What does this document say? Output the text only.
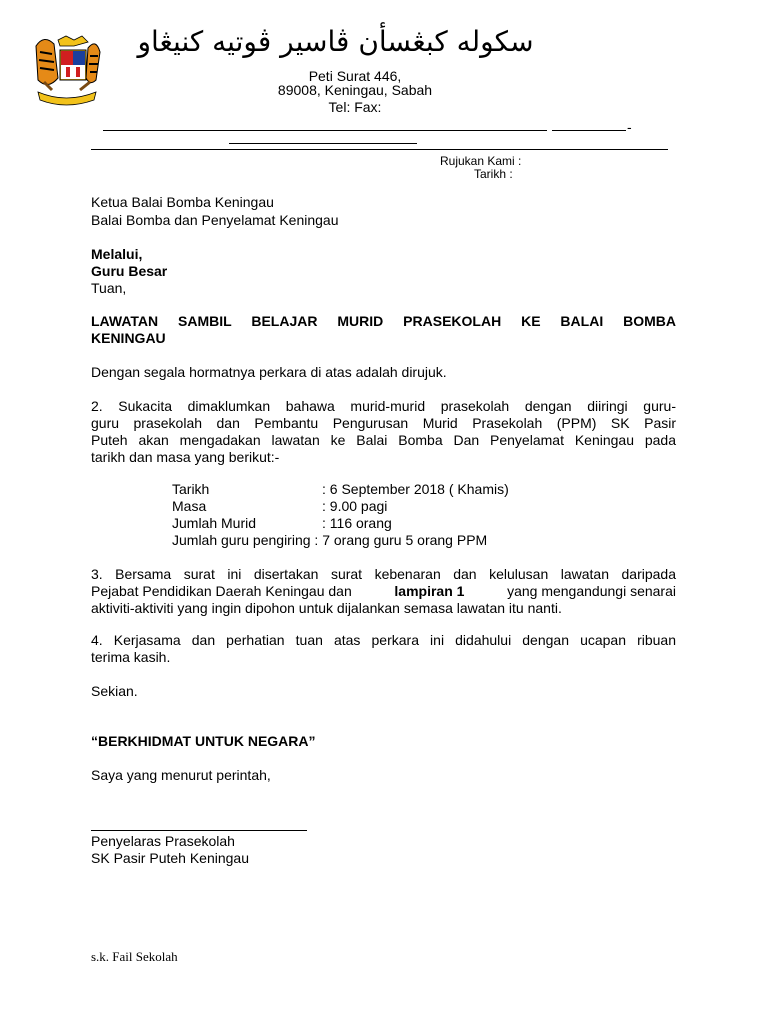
سكوله كبڠسأن ڤاسير ڤوتيه كنيڠاو
Peti Surat 446,
89008, Keningau, Sabah
Tel: Fax:
-
Rujukan Kami :
Tarikh :
Ketua Balai Bomba Keningau
Balai Bomba dan Penyelamat Keningau
Melalui,
Guru Besar
Tuan,
LAWATAN SAMBIL BELAJAR MURID PRASEKOLAH KE BALAI BOMBA
KENINGAU
Dengan segala hormatnya perkara di atas adalah dirujuk.
2. Sukacita dimaklumkan bahawa murid-murid prasekolah dengan diiringi guru-
guru prasekolah dan Pembantu Pengurusan Murid Prasekolah (PPM) SK Pasir
Puteh akan mengadakan lawatan ke Balai Bomba Dan Penyelamat Keningau pada
tarikh dan masa yang berikut:-
Tarikh	: 6 September 2018 ( Khamis)
Masa	: 9.00 pagi
Jumlah Murid	: 116 orang
Jumlah guru pengiring : 7 orang guru 5 orang PPM
3. Bersama surat ini disertakan surat kebenaran dan kelulusan lawatan daripada
Pejabat Pendidikan Daerah Keningau dan	lampiran 1	yang mengandungi senarai
aktiviti-aktiviti yang ingin dipohon untuk dijalankan semasa lawatan itu nanti.
4. Kerjasama dan perhatian tuan atas perkara ini didahului dengan ucapan ribuan
terima kasih.
Sekian.
“BERKHIDMAT UNTUK NEGARA”
Saya yang menurut perintah,
Penyelaras Prasekolah
SK Pasir Puteh Keningau
s.k. Fail Sekolah
